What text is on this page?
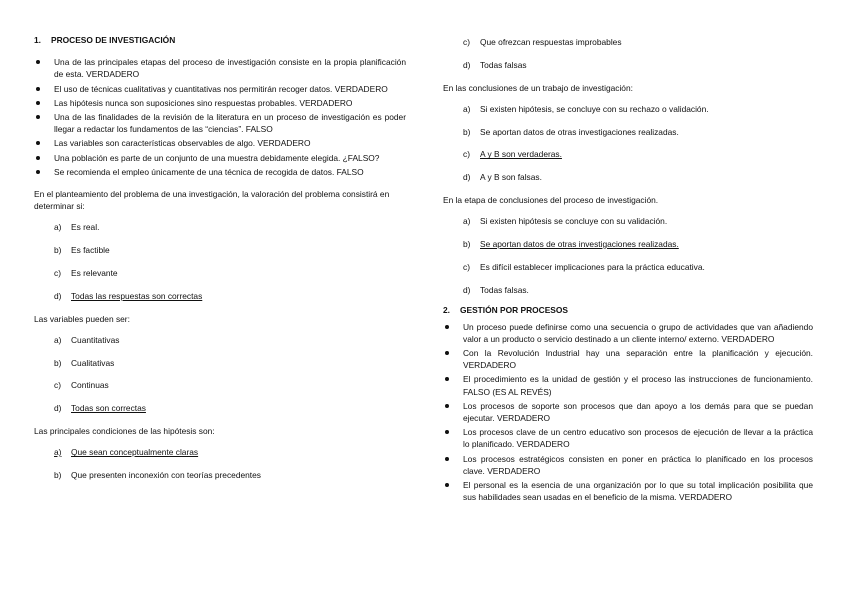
1.	PROCESO DE INVESTIGACIÓN
Una de las principales etapas del proceso de investigación consiste en la propia planificación de esta. VERDADERO
El uso de técnicas cualitativas y cuantitativas nos permitirán recoger datos. VERDADERO
Las hipótesis nunca son suposiciones sino respuestas probables. VERDADERO
Una de las finalidades de la revisión de la literatura en un proceso de investigación es poder llegar a redactar los fundamentos de las “ciencias”. FALSO
Las variables son características observables de algo. VERDADERO
Una población es parte de un conjunto de una muestra debidamente elegida. ¿FALSO?
Se recomienda el empleo únicamente de una técnica de recogida de datos. FALSO
En el planteamiento del problema de una investigación, la valoración del problema consistirá en determinar si:
a)	Es real.
b)	Es factible
c)	Es relevante
d)	Todas las respuestas son correctas
Las variables pueden ser:
a)	Cuantitativas
b)	Cualitativas
c)	Continuas
d)	Todas son correctas
Las principales condiciones de las hipótesis son:
a)	Que sean conceptualmente claras
b)	Que presenten inconexión con teorías precedentes
c)	Que ofrezcan respuestas improbables
d)	Todas falsas
En las conclusiones de un trabajo de investigación:
a)	Si existen hipótesis, se concluye con su rechazo o validación.
b)	Se aportan datos de otras investigaciones realizadas.
c)	A y B son verdaderas.
d)	A y B son falsas.
En la etapa de conclusiones del proceso de investigación.
a)	Si existen hipótesis se concluye con su validación.
b)	Se aportan datos de otras investigaciones realizadas.
c)	Es difícil establecer implicaciones para la práctica educativa.
d)	Todas falsas.
2.	GESTIÓN POR PROCESOS
Un proceso puede definirse como una secuencia o grupo de actividades que van añadiendo valor a un producto o servicio destinado a un cliente interno/ externo. VERDADERO
Con la Revolución Industrial hay una separación entre la planificación y ejecución. VERDADERO
El procedimiento es la unidad de gestión y el proceso las instrucciones de funcionamiento. FALSO (ES AL REVÉS)
Los procesos de soporte son procesos que dan apoyo a los demás para que se puedan ejecutar. VERDADERO
Los procesos clave de un centro educativo son procesos de ejecución de llevar a la práctica lo planificado. VERDADERO
Los procesos estratégicos consisten en poner en práctica lo planificado en los procesos clave. VERDADERO
El personal es la esencia de una organización por lo que su total implicación posibilita que sus habilidades sean usadas en el beneficio de la misma. VERDADERO
